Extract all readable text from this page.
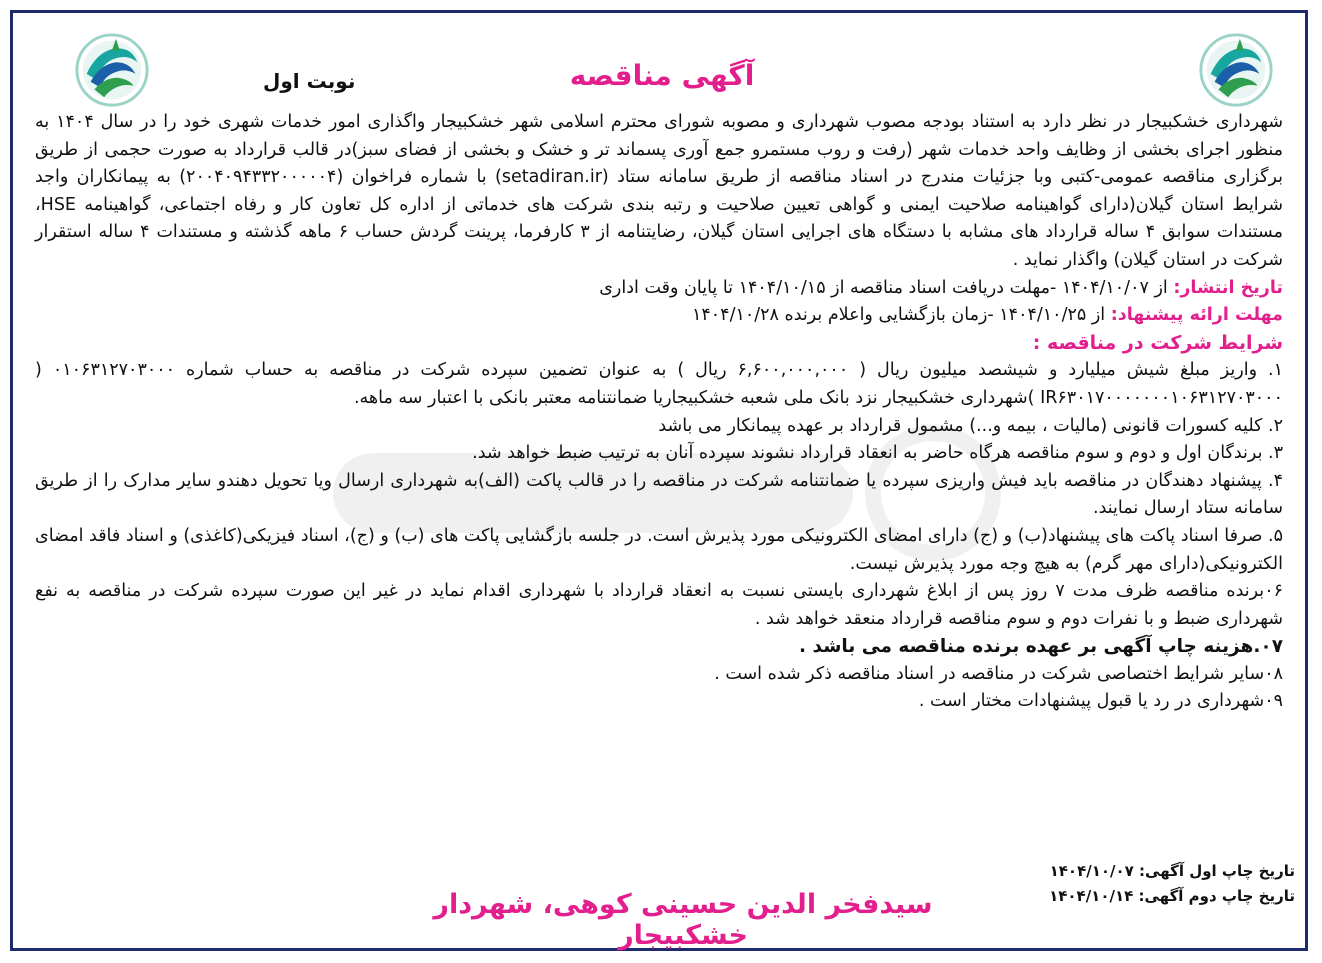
نوبت اول	آگهی مناقصه

شهرداری خشکبیجار در نظر دارد به استناد بودجه مصوب شهرداری و مصوبه شورای محترم اسلامی شهر خشکبیجار واگذاری امور خدمات شهری خود را در سال ۱۴۰۴ به منظور اجرای بخشی از وظایف واحد خدمات شهر (رفت و روب مستمرو جمع آوری پسماند تر و خشک و بخشی از فضای سبز)در قالب قرارداد به صورت حجمی از طریق برگزاری مناقصه عمومی-کتبی وبا جزئیات مندرج در اسناد مناقصه از طریق سامانه ستاد (setadiran.ir) با شماره فراخوان (۲۰۰۴۰۹۴۳۳۲۰۰۰۰۰۴) به پیمانکاران واجد شرایط استان گیلان(دارای گواهینامه صلاحیت ایمنی و گواهی تعیین صلاحیت و رتبه بندی شرکت های خدماتی از اداره کل تعاون کار و رفاه اجتماعی، گواهینامه HSE، مستندات سوابق ۴ ساله قرارداد های مشابه با دستگاه های اجرایی استان گیلان، رضایتنامه از ۳ کارفرما، پرینت گردش حساب ۶ ماهه گذشته و مستندات ۴ ساله استقرار شرکت در استان گیلان) واگذار نماید .

تاریخ انتشار: از ۱۴۰۴/۱۰/۰۷ -مهلت دریافت اسناد مناقصه از ۱۴۰۴/۱۰/۱۵ تا پایان وقت اداری

مهلت ارائه پیشنهاد: از ۱۴۰۴/۱۰/۲۵ -زمان بازگشایی واعلام برنده ۱۴۰۴/۱۰/۲۸

شرایط شرکت در مناقصه :

۱. واریز مبلغ شیش میلیارد و شیشصد میلیون ریال ( ۶,۶۰۰,۰۰۰,۰۰۰ ریال ) به عنوان تضمین سپرده شرکت در مناقصه به حساب شماره ۰۱۰۶۳۱۲۷۰۳۰۰۰ ( IR۶۳۰۱۷۰۰۰۰۰۰۰۱۰۶۳۱۲۷۰۳۰۰۰ )شهرداری خشکبیجار نزد بانک ملی شعبه خشکبیجاریا ضمانتنامه معتبر بانکی با اعتبار سه ماهه.

۲. کلیه کسورات قانونی (مالیات ، بیمه و...) مشمول قرارداد بر عهده پیمانکار می باشد

۳. برندگان اول و دوم و سوم مناقصه هرگاه حاضر به انعقاد قرارداد نشوند سپرده آنان به ترتیب ضبط خواهد شد.

۴. پیشنهاد دهندگان در مناقصه باید فیش واریزی سپرده یا ضمانتنامه شرکت در مناقصه را در قالب پاکت (الف)به شهرداری ارسال ویا تحویل دهندو سایر مدارک را از طریق سامانه ستاد ارسال نمایند.

۵. صرفا اسناد پاکت های پیشنهاد(ب) و (ج) دارای امضای الکترونیکی مورد پذیرش است. در جلسه بازگشایی پاکت های (ب) و (ج)، اسناد فیزیکی(کاغذی) و اسناد فاقد امضای الکترونیکی(دارای مهر گرم) به هیچ وجه مورد پذیرش نیست.

۰۶برنده مناقصه ظرف مدت ۷ روز پس از ابلاغ شهرداری بایستی نسبت به انعقاد قرارداد با شهرداری اقدام نماید در غیر این صورت سپرده شرکت در مناقصه به نفع شهرداری ضبط و با نفرات دوم و سوم مناقصه قرارداد منعقد خواهد شد .

۰۷.هزینه چاپ آگهی بر عهده برنده مناقصه می باشد .

۰۸سایر شرایط اختصاصی شرکت در مناقصه در اسناد مناقصه ذکر شده است .

۰۹شهرداری در رد یا قبول پیشنهادات مختار است .

تاریخ چاپ اول آگهی: ۱۴۰۴/۱۰/۰۷
تاریخ چاپ دوم آگهی: ۱۴۰۴/۱۰/۱۴
سیدفخر الدین حسینی کوهی، شهردار خشکبیجار
